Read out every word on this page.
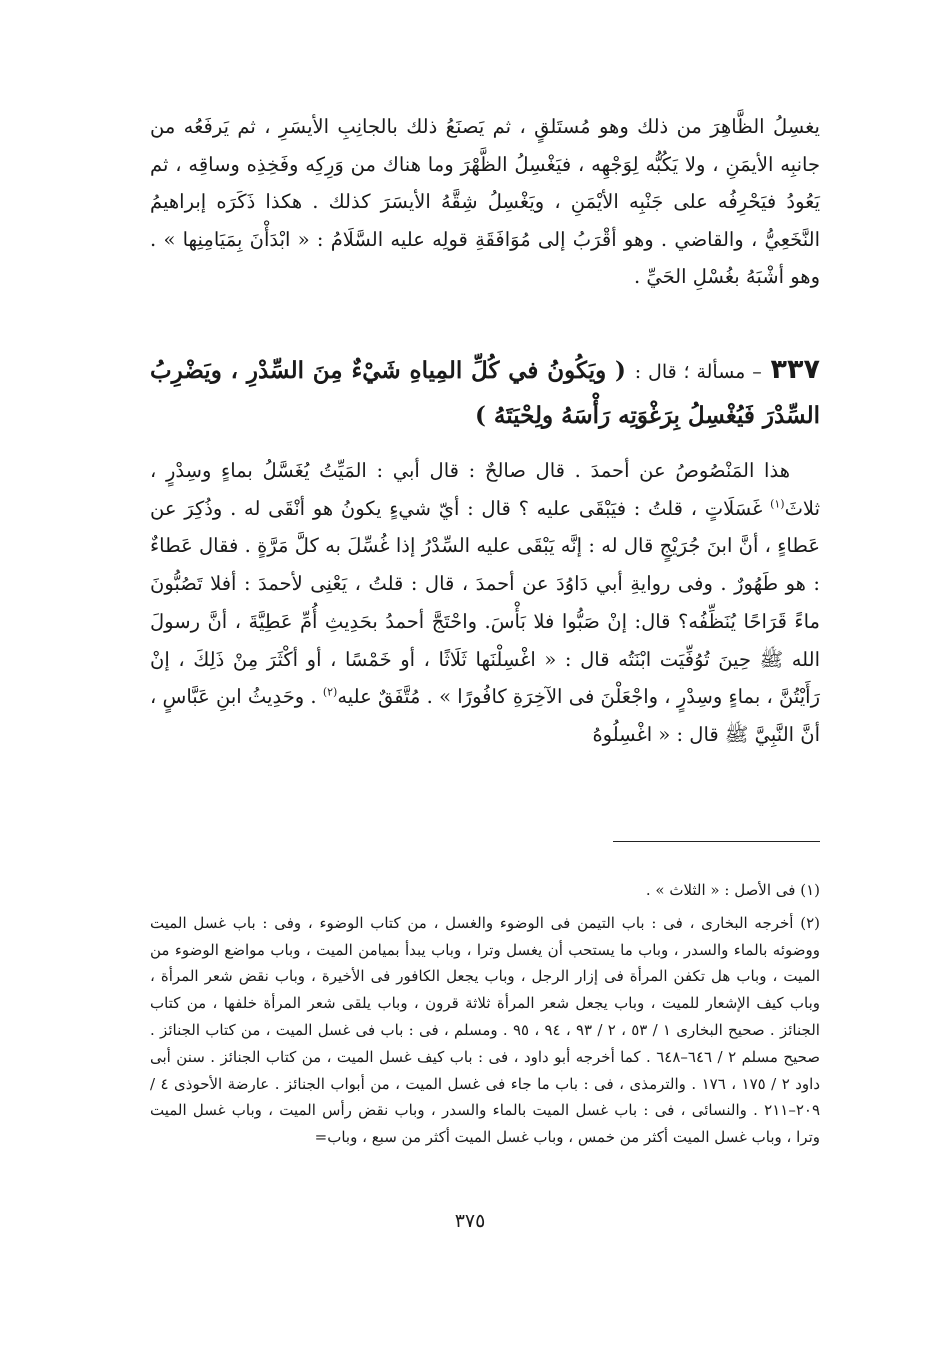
يغسِلُ الظَّاهِرَ من ذلك وهو مُستَلقٍ ، ثم يَصنَعُ ذلك بالجانِبِ الأيسَرِ ، ثم يَرفَعُه من جانبِه الأيمَنِ ، ولا يَكُبُّه لِوَجْهِه ، فيَغْسِلُ الظَّهْرَ وما هناك من وَرِكِه وفَخِذِه وساقِه ، ثم يَعُودُ فيَحْرِفُه على جَنْبِه الأيْمَنِ ، ويَغْسِلُ شِقَّهُ الأيسَرَ كذلك . هكذا ذَكَرَه إبراهيمُ النَّخَعِيُّ ، والقاضي . وهو أقْرَبُ إلى مُوَافَقَةِ قولِه عليه السَّلَامُ : « ابْدَأْنَ بِمَيَامِنِها » . وهو أشْبَهُ بغُسْلِ الحَيِّ .

٣٣٧ – مسألة ؛ قال : ( ويَكُونُ في كُلِّ المِياهِ شَيْءٌ مِنَ السِّدْرِ ، ويَضْرِبُ السِّدْرَ فَيُغْسِلُ بِرَغْوَتِه رَأْسَهُ ولِحْيَتَهُ )

هذا المَنْصُوصُ عن أحمدَ . قال صالحٌ : قال أبي : المَيِّتُ يُغَسَّلُ بماءٍ وسِدْرٍ ، ثلاثَ$^{(١)}$ غَسَلَاتٍ ، قلتُ : فيَبْقَى عليه ؟ قال : أيّ شيءٍ يكونُ هو أنْقَى له . وذُكِرَ عن عَطاءٍ ، أنَّ ابنَ جُرَيْجٍ قال له : إنَّه يَبْقَى عليه السِّدْرُ إذا غُسِّلَ به كلَّ مَرَّةٍ . فقال عَطاءٌ : هو طَهُورٌ . وفى روايةِ أبي دَاوُدَ عن أحمدَ ، قال : قلتُ ، يَعْنِى لأحمدَ : أفلا تَصُبُّونَ ماءً قَرَاحًا يُنَظِّفُه؟ قال: إنْ صَبُّوا فلا بَأْسَ. واحْتَجَّ أحمدُ بحَدِيثِ أُمِّ عَطِيَّةَ ، أنَّ رسولَ الله ﷺ حِينَ تُوُفِّيَت ابْنَتُه قال : « اغْسِلْنَها ثَلَاثًا ، أو خَمْسًا ، أو أكْثَرَ مِنْ ذَلِكَ ، إنْ رَأَيْتُنَّ ، بماءٍ وسِدْرٍ ، واجْعَلْنَ فى الآخِرَةِ كافُورًا » . مُتَّفَقٌ عليه$^{(٢)}$ . وحَدِيثُ ابنِ عَبَّاسٍ ، أنَّ النَّبِيَّ ﷺ قال : « اغْسِلُوهُ

(١) فى الأصل : « الثلاث » .

(٢) أخرجه البخارى ، فى : باب التيمن فى الوضوء والغسل ، من كتاب الوضوء ، وفى : باب غسل الميت ووضوئه بالماء والسدر ، وباب ما يستحب أن يغسل وترا ، وباب يبدأ بميامن الميت ، وباب مواضع الوضوء من الميت ، وباب هل تكفن المرأة فى إزار الرجل ، وباب يجعل الكافور فى الأخيرة ، وباب نقض شعر المرأة ، وباب كيف الإشعار للميت ، وباب يجعل شعر المرأة ثلاثة قرون ، وباب يلقى شعر المرأة خلفها ، من كتاب الجنائز . صحيح البخارى ١ / ٥٣ ، ٢ / ٩٣ ، ٩٤ ، ٩٥ . ومسلم ، فى : باب فى غسل الميت ، من كتاب الجنائز . صحيح مسلم ٢ / ٦٤٦–٦٤٨ . كما أخرجه أبو داود ، فى : باب كيف غسل الميت ، من كتاب الجنائز . سنن أبى داود ٢ / ١٧٥ ، ١٧٦ . والترمذى ، فى : باب ما جاء فى غسل الميت ، من أبواب الجنائز . عارضة الأحوذى ٤ / ٢٠٩–٢١١ . والنسائى ، فى : باب غسل الميت بالماء والسدر ، وباب نقض رأس الميت ، وباب غسل الميت وترا ، وباب غسل الميت أكثر من خمس ، وباب غسل الميت أكثر من سبع ، وباب=

٣٧٥
